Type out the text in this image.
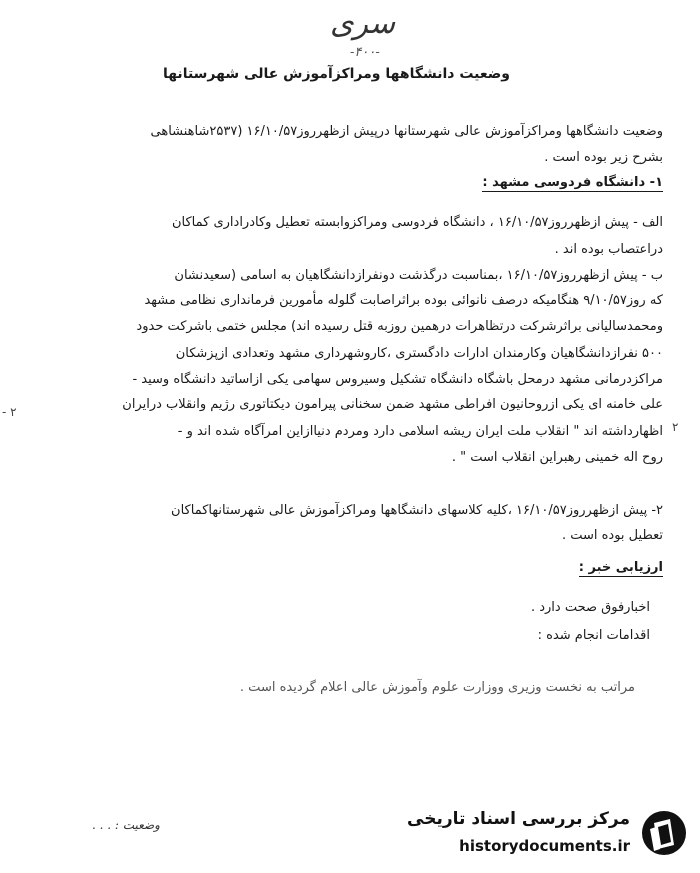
سری
-۴۰۰-
وضعیت دانشگاهها ومراکزآموزش عالی شهرستانها
وضعیت دانشگاهها ومراکزآموزش عالی شهرستانها درپیش ازظهرروز۱۶/۱۰/۵۷ (۲۵۳۷شاهنشاهی
بشرح زیر بوده است .
۱- دانشگاه فردوسی مشهد :
الف - پیش ازظهرروز۱۶/۱۰/۵۷ ، دانشگاه فردوسی ومراکزوابسته تعطیل وکادراداری کماکان
دراعتصاب بوده اند .
ب - پیش ازظهرروز۱۶/۱۰/۵۷ ،بمناسبت درگذشت دونفرازدانشگاهیان به اسامی (سعیدنشان
که روز۹/۱۰/۵۷ هنگامیکه درصف نانوائی بوده براثراصابت گلوله مأمورین فرمانداری نظامی مشهد
ومحمدسالیانی براثرشرکت درتظاهرات درهمین روزبه قتل رسیده اند) مجلس ختمی باشرکت حدود
۵۰۰ نفرازدانشگاهیان وکارمندان ادارات دادگستری ،کاروشهرداری مشهد وتعدادی ازپزشکان
مراکزدرمانی مشهد درمحل باشگاه دانشگاه تشکیل وسیروس سهامی یکی ازاساتید دانشگاه وسید -
علی خامنه ای یکی ازروحانیون افراطی مشهد ضمن سخنانی پیرامون دیکتاتوری رژیم وانقلاب درایران
اظهارداشته اند " انقلاب ملت ایران ریشه اسلامی دارد ومردم دنیاازاین امرآگاه شده اند و -
روح اله خمینی رهبراین انقلاب است " .
۲- پیش ازظهرروز۱۶/۱۰/۵۷ ،کلیه کلاسهای دانشگاهها ومراکزآموزش عالی شهرستانهاکماکان
تعطیل بوده است .
ارزیابی خبر :
اخبارفوق صحت دارد .
اقدامات انجام شده :
مراتب به نخست وزیری ووزارت علوم وآموزش عالی اعلام گردیده است .
وضعیت : . . .
- ۲
۲
مرکز بررسی اسناد تاریخی
historydocuments.ir
